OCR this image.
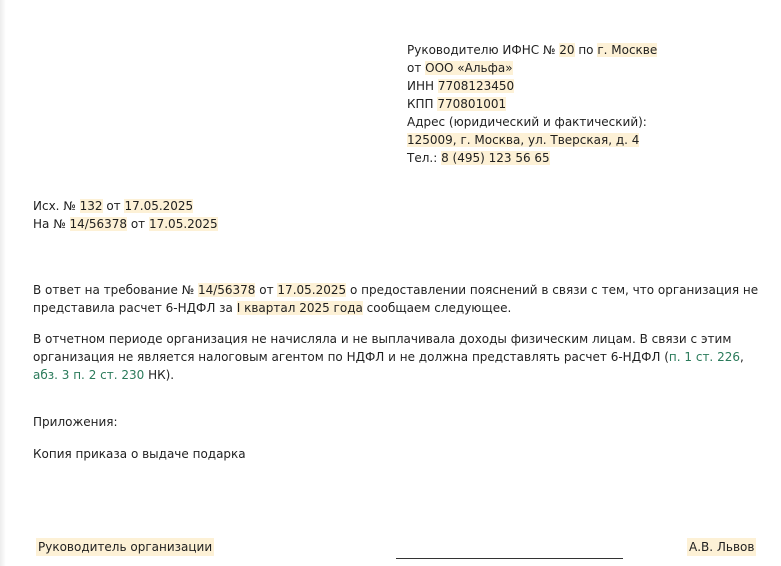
Руководителю ИФНС № 20 по г. Москве
от ООО «Альфа»
ИНН 7708123450
КПП 770801001
Адрес (юридический и фактический):
125009, г. Москва, ул. Тверская, д. 4
Тел.: 8 (495) 123 56 65
Исх. № 132 от 17.05.2025
На № 14/56378 от 17.05.2025
В ответ на требование № 14/56378 от 17.05.2025 о предоставлении пояснений в связи с тем, что организация не представила расчет 6-НДФЛ за I квартал 2025 года сообщаем следующее.
В отчетном периоде организация не начисляла и не выплачивала доходы физическим лицам. В связи с этим организация не является налоговым агентом по НДФЛ и не должна представлять расчет 6-НДФЛ (п. 1 ст. 226, абз. 3 п. 2 ст. 230 НК).
Приложения:
Копия приказа о выдаче подарка
Руководитель организации	А.В. Львов
